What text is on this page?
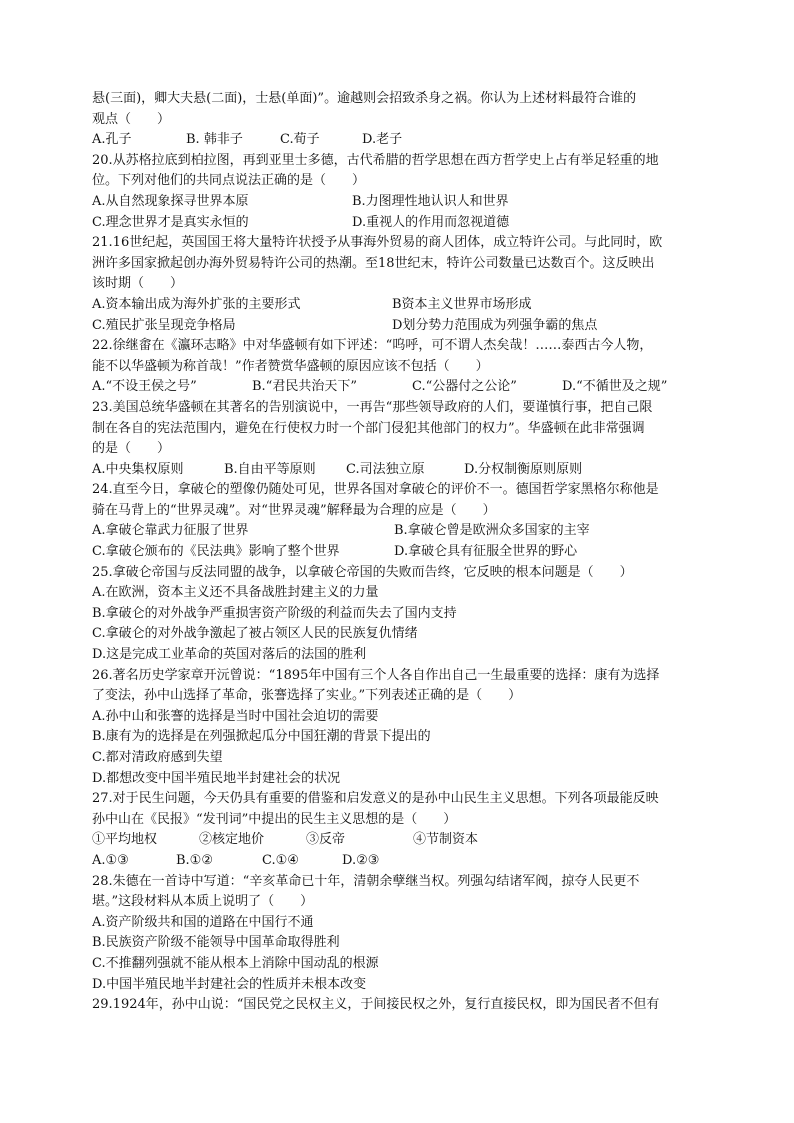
悬(三面)，卿大夫悬(二面)，士悬(单面)”。逾越则会招致杀身之祸。你认为上述材料最符合谁的
观点（　　）
A.孔子	B. 韩非子	C.荀子	D.老子
20.从苏格拉底到柏拉图，再到亚里士多德，古代希腊的哲学思想在西方哲学史上占有举足轻重的地
位。下列对他们的共同点说法正确的是（　　）
A.从自然现象探寻世界本原	B.力图理性地认识人和世界
C.理念世界才是真实永恒的	D.重视人的作用而忽视道德
21.16世纪起，英国国王将大量特许状授予从事海外贸易的商人团体，成立特许公司。与此同时，欧
洲许多国家掀起创办海外贸易特许公司的热潮。至18世纪末，特许公司数量已达数百个。这反映出
该时期（　　）
A.资本输出成为海外扩张的主要形式	B资本主义世界市场形成
C.殖民扩张呈现竞争格局	D划分势力范围成为列强争霸的焦点
22.徐继畬在《瀛环志略》中对华盛顿有如下评述：“呜呼，可不谓人杰矣哉！……泰西古今人物，
能不以华盛顿为称首哉！”作者赞赏华盛顿的原因应该不包括（　　）
A.“不设王侯之号”	B.“君民共治天下”	C.“公器付之公论”	D.“不循世及之规”
23.美国总统华盛顿在其著名的告别演说中，一再告“那些领导政府的人们，要谨慎行事，把自己限
制在各自的宪法范围内，避免在行使权力时一个部门侵犯其他部门的权力”。华盛顿在此非常强调
的是（　　）
A.中央集权原则	B.自由平等原则	C.司法独立原	D.分权制衡原则原则
24.直至今日，拿破仑的塑像仍随处可见，世界各国对拿破仑的评价不一。德国哲学家黑格尔称他是
骑在马背上的“世界灵魂”。对“世界灵魂”解释最为合理的应是（　　）
A.拿破仑靠武力征服了世界	B.拿破仑曾是欧洲众多国家的主宰
C.拿破仑颁布的《民法典》影响了整个世界	D.拿破仑具有征服全世界的野心
25.拿破仑帝国与反法同盟的战争，以拿破仑帝国的失败而告终，它反映的根本问题是（　　）
A.在欧洲，资本主义还不具备战胜封建主义的力量
B.拿破仑的对外战争严重损害资产阶级的利益而失去了国内支持
C.拿破仑的对外战争激起了被占领区人民的民族复仇情绪
D.这是完成工业革命的英国对落后的法国的胜利
26.著名历史学家章开沅曾说：“1895年中国有三个人各自作出自己一生最重要的选择：康有为选择
了变法，孙中山选择了革命，张謇选择了实业。”下列表述正确的是（　　）
A.孙中山和张謇的选择是当时中国社会迫切的需要
B.康有为的选择是在列强掀起瓜分中国狂潮的背景下提出的
C.都对清政府感到失望
D.都想改变中国半殖民地半封建社会的状况
27.对于民生问题，今天仍具有重要的借鉴和启发意义的是孙中山民生主义思想。下列各项最能反映
孙中山在《民报》“发刊词”中提出的民生主义思想的是（　　）
①平均地权	②核定地价	③反帝	④节制资本
A.①③	B.①②	C.①④	D.②③
28.朱德在一首诗中写道：“辛亥革命已十年，清朝余孽继当权。列强勾结诸军阀，掠夺人民更不
堪。”这段材料从本质上说明了（　　）
A.资产阶级共和国的道路在中国行不通
B.民族资产阶级不能领导中国革命取得胜利
C.不推翻列强就不能从根本上消除中国动乱的根源
D.中国半殖民地半封建社会的性质并未根本改变
29.1924年，孙中山说：“国民党之民权主义，于间接民权之外，复行直接民权，即为国民者不但有
